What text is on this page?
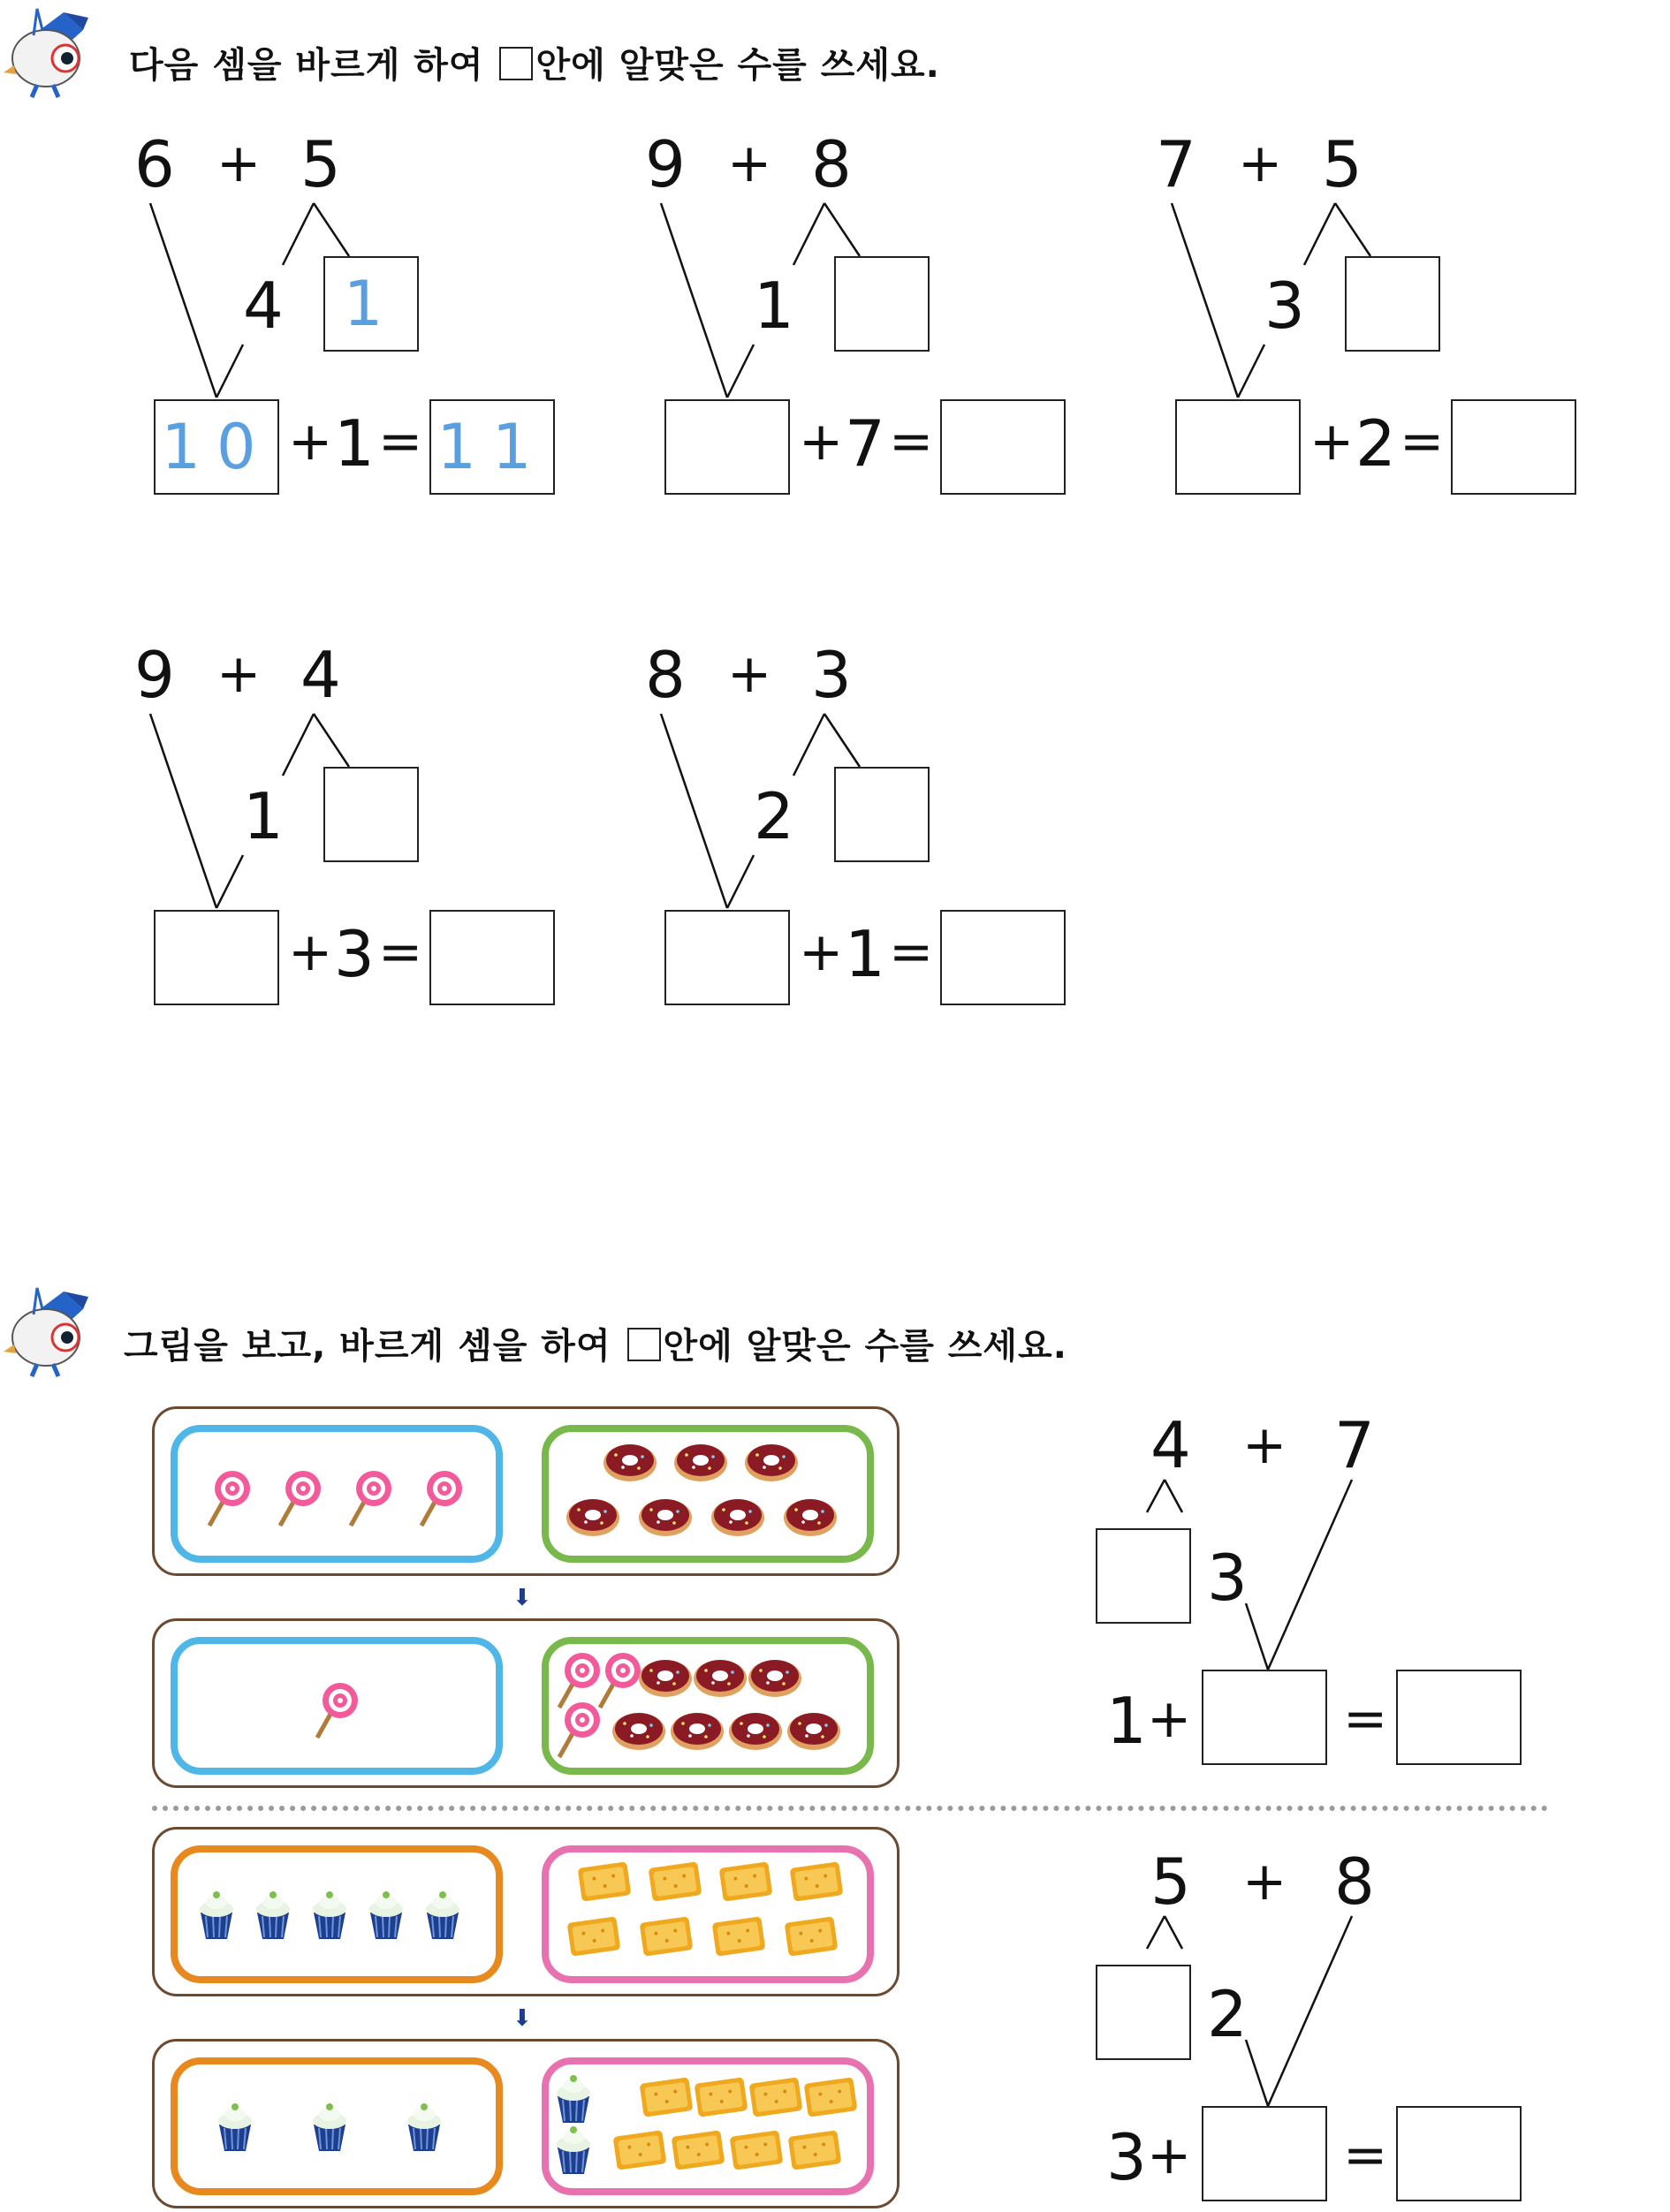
다음 셈을 바르게 하여 안에 알맞은 수를 쓰세요.
6 + 5
4 1
10 + 1 = 11
9 + 8
1
+ 7 =
7 + 5
3
+ 2 =
9 + 4
1
+ 3 =
8 + 3
2
+ 1 =
그림을 보고, 바르게 셈을 하여 안에 알맞은 수를 쓰세요.
⬇
⬇
4 + 7
3
1 +	=
5 + 8
2
3 +	=
